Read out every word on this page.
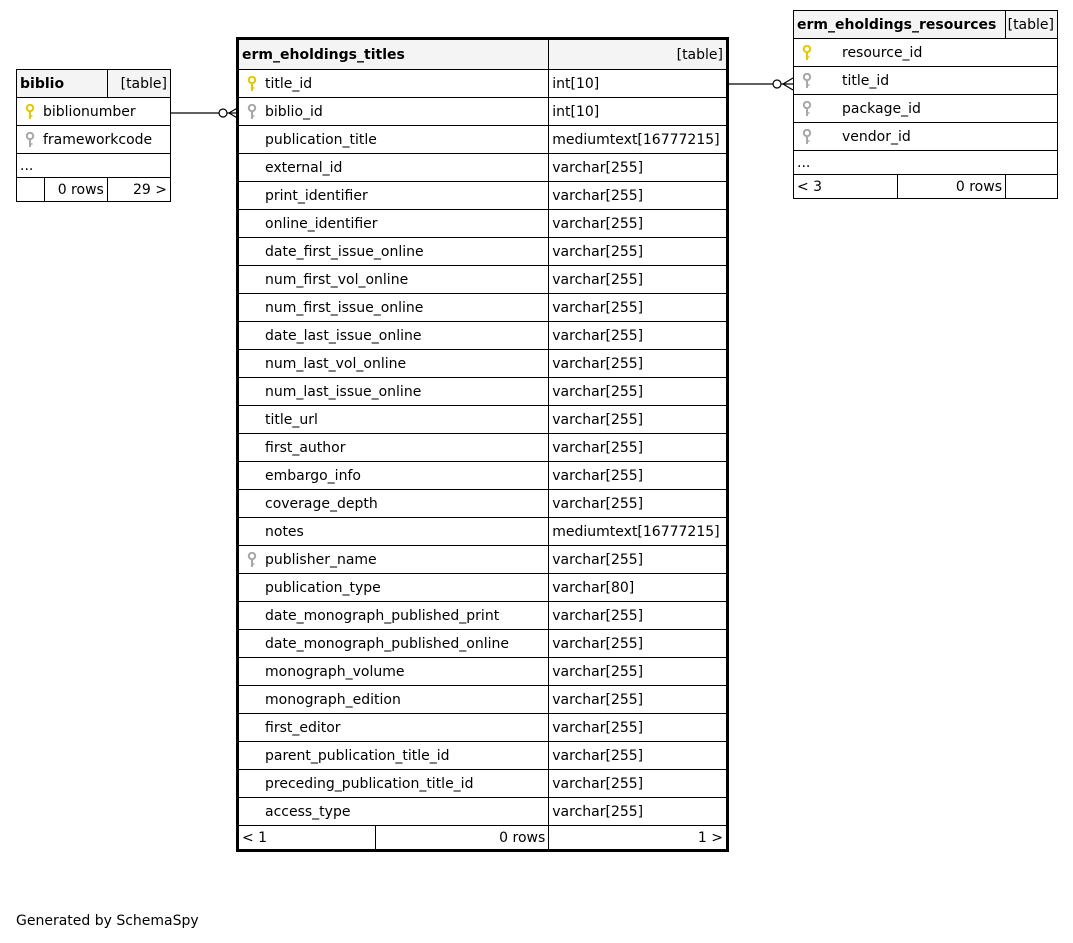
biblio		[table]

biblionumber		

frameworkcode		
...		
	0 rows	29 >
erm_eholdings_titles		[table]

title_id		int[10]

biblio_id		int[10]
publication_title		mediumtext[16777215]
external_id		varchar[255]
print_identifier		varchar[255]
online_identifier		varchar[255]
date_first_issue_online		varchar[255]
num_first_vol_online		varchar[255]
num_first_issue_online		varchar[255]
date_last_issue_online		varchar[255]
num_last_vol_online		varchar[255]
num_last_issue_online		varchar[255]
title_url		varchar[255]
first_author		varchar[255]
embargo_info		varchar[255]
coverage_depth		varchar[255]
notes		mediumtext[16777215]

publisher_name		varchar[255]
publication_type		varchar[80]
date_monograph_published_print		varchar[255]
date_monograph_published_online		varchar[255]
monograph_volume		varchar[255]
monograph_edition		varchar[255]
first_editor		varchar[255]
parent_publication_title_id		varchar[255]
preceding_publication_title_id		varchar[255]
access_type		varchar[255]
< 1	0 rows	1 >
erm_eholdings_resources		[table]

resource_id		

title_id		

package_id		

vendor_id		
...		
< 3	0 rows	
Generated by SchemaSpy
